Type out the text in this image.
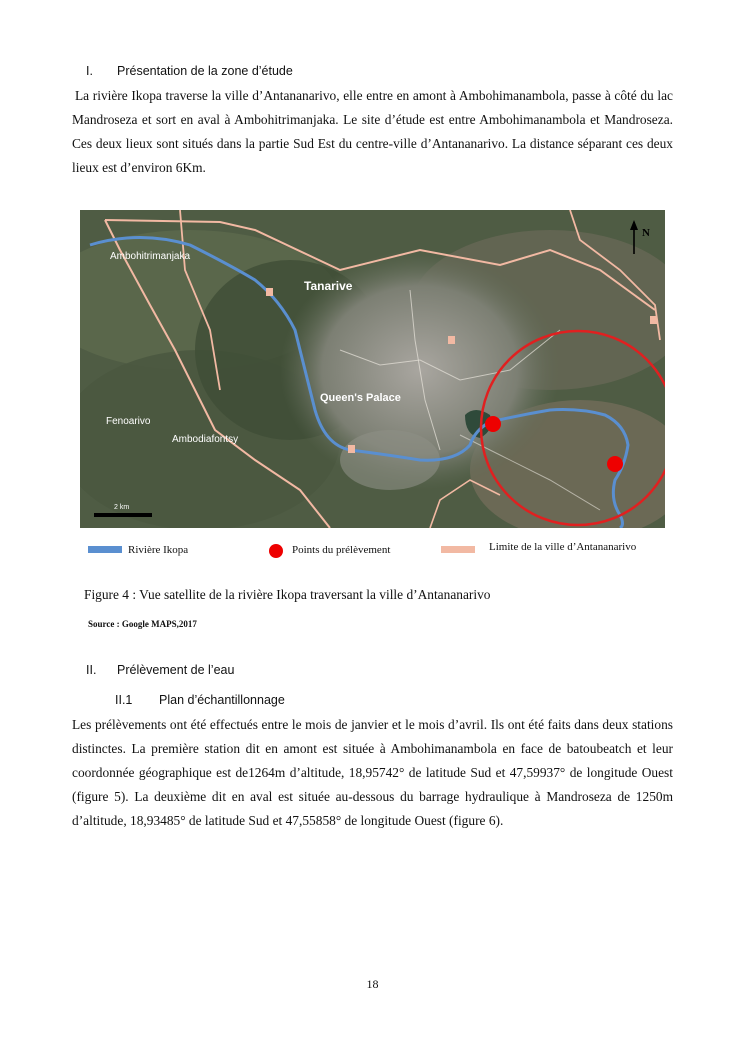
I. Présentation de la zone d’étude

La rivière Ikopa traverse la ville d’Antananarivo, elle entre en amont à Ambohimanambola, passe à côté du lac Mandroseza et sort en aval à Ambohitrimanjaka. Le site d’étude est entre Ambohimanambola et Mandroseza. Ces deux lieux sont situés dans la partie Sud Est du centre-ville d’Antananarivo. La distance séparant ces deux lieux est d’environ 6Km.

Ambohitrimanjaka
Tanarive
Queen's Palace
Fenoarivo
Ambodiafontsy
N
2 km
Rivière Ikopa	Points du prélèvement	Limite de la ville d’Antananarivo
Figure 4 : Vue satellite de la rivière Ikopa traversant la ville d’Antananarivo
Source : Google MAPS,2017
II. Prélèvement de l’eau
II.1 Plan d’échantillonnage

Les prélèvements ont été effectués entre le mois de janvier et le mois d’avril. Ils ont été faits dans deux stations distinctes. La première station dit en amont est située à Ambohimanambola en face de batoubeatch et leur coordonnée géographique est de1264m d’altitude, 18,95742° de latitude Sud et 47,59937° de longitude Ouest (figure 5). La deuxième dit en aval est située au-dessous du barrage hydraulique à Mandroseza de 1250m d’altitude, 18,93485° de latitude Sud et 47,55858° de longitude Ouest (figure 6).

18
